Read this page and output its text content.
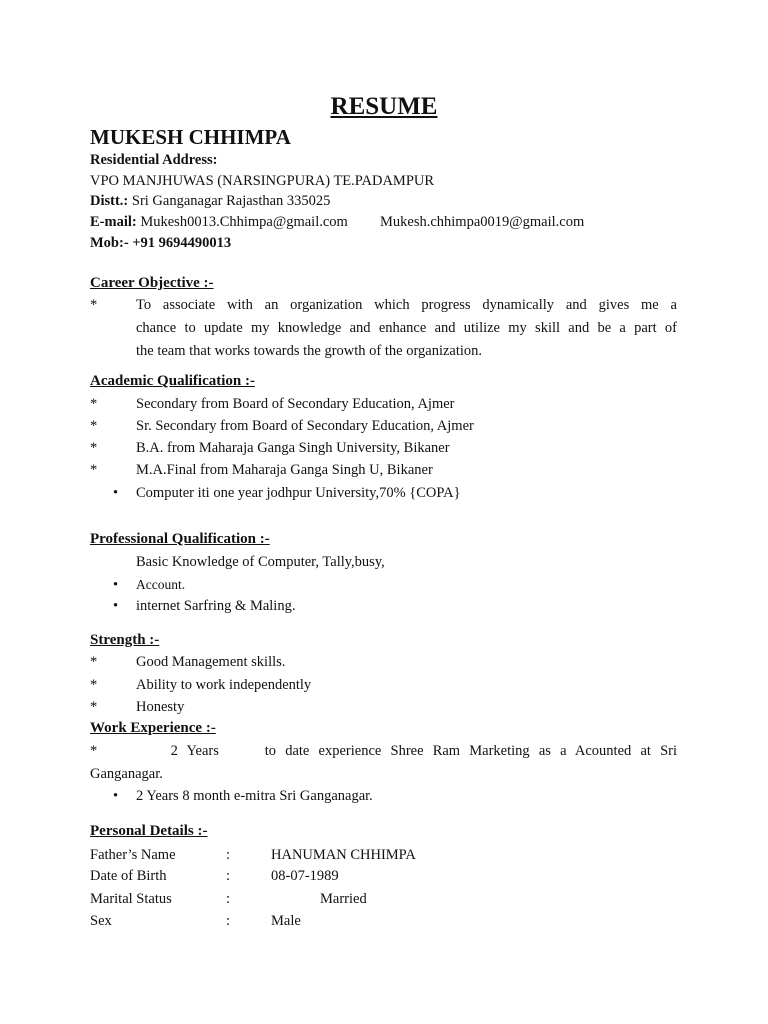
RESUME
MUKESH CHHIMPA
Residential Address:
VPO MANJHUWAS (NARSINGPURA) TE.PADAMPUR
Distt.: Sri Ganganagar Rajasthan 335025
E-mail: Mukesh0013.Chhimpa@gmail.com Mukesh.chhimpa0019@gmail.com
Mob:- +91 9694490013
Career Objective :-
*	To associate with an organization which progress dynamically and gives me a
chance to update my knowledge and enhance and utilize my skill and be a part of
the team that works towards the growth of the organization.
Academic Qualification :-
*	Secondary from Board of Secondary Education, Ajmer
*	Sr. Secondary from Board of Secondary Education, Ajmer
*	B.A. from Maharaja Ganga Singh University, Bikaner
*	M.A.Final from Maharaja Ganga Singh U, Bikaner
• Computer iti one year jodhpur University,70% {COPA}
Professional Qualification :-
Basic Knowledge of Computer, Tally,busy,
• Account.
• internet Sarfring & Maling.
Strength :-
*	Good Management skills.
*	Ability to work independently
*	Honesty
Work Experience :-
*        2 Years     to date experience Shree Ram Marketing as a Acounted at Sri
Ganganagar.
• 2 Years 8 month e-mitra Sri Ganganagar.
Personal Details :-
Father’s Name	:	HANUMAN CHHIMPA
Date of Birth	:	08-07-1989
Marital Status	:	Married
Sex	:	Male
